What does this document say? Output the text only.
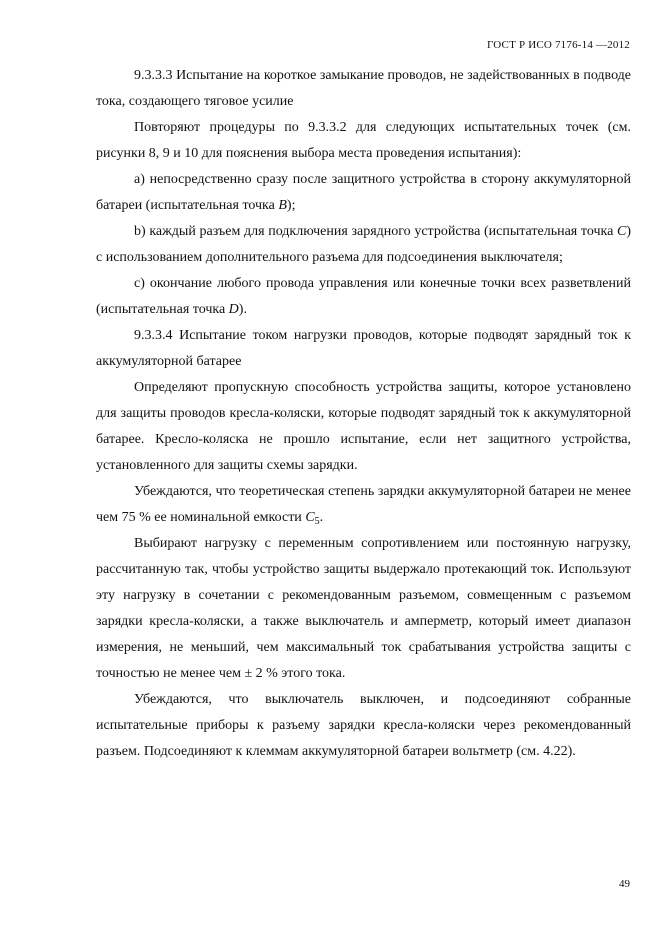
ГОСТ Р ИСО 7176-14 —2012

9.3.3.3 Испытание на короткое замыкание проводов, не задействованных в подводе тока, создающего тяговое усилие

Повторяют процедуры по 9.3.3.2 для следующих испытательных точек (см. рисунки 8, 9 и 10 для пояснения выбора места проведения испытания):

а) непосредственно сразу после защитного устройства в сторону аккумуляторной батареи (испытательная точка B);

b) каждый разъем для подключения зарядного устройства (испытательная точка C) с использованием дополнительного разъема для подсоединения выключателя;

c) окончание любого провода управления или конечные точки всех разветвлений (испытательная точка D).

9.3.3.4 Испытание током нагрузки проводов, которые подводят зарядный ток к аккумуляторной батарее

Определяют пропускную способность устройства защиты, которое установлено для защиты проводов кресла-коляски, которые подводят зарядный ток к аккумуляторной батарее. Кресло-коляска не прошло испытание, если нет защитного устройства, установленного для защиты схемы зарядки.

Убеждаются, что теоретическая степень зарядки аккумуляторной батареи не менее чем 75 % ее номинальной емкости $C_5$.

Выбирают нагрузку с переменным сопротивлением или постоянную нагрузку, рассчитанную так, чтобы устройство защиты выдержало протекающий ток. Используют эту нагрузку в сочетании с рекомендованным разъемом, совмещенным с разъемом зарядки кресла-коляски, а также выключатель и амперметр, который имеет диапазон измерения, не меньший, чем максимальный ток срабатывания устройства защиты с точностью не менее чем ± 2 % этого тока.

Убеждаются, что выключатель выключен, и подсоединяют собранные испытательные приборы к разъему зарядки кресла-коляски через рекомендованный разъем. Подсоединяют к клеммам аккумуляторной батареи вольтметр (см. 4.22).

49
